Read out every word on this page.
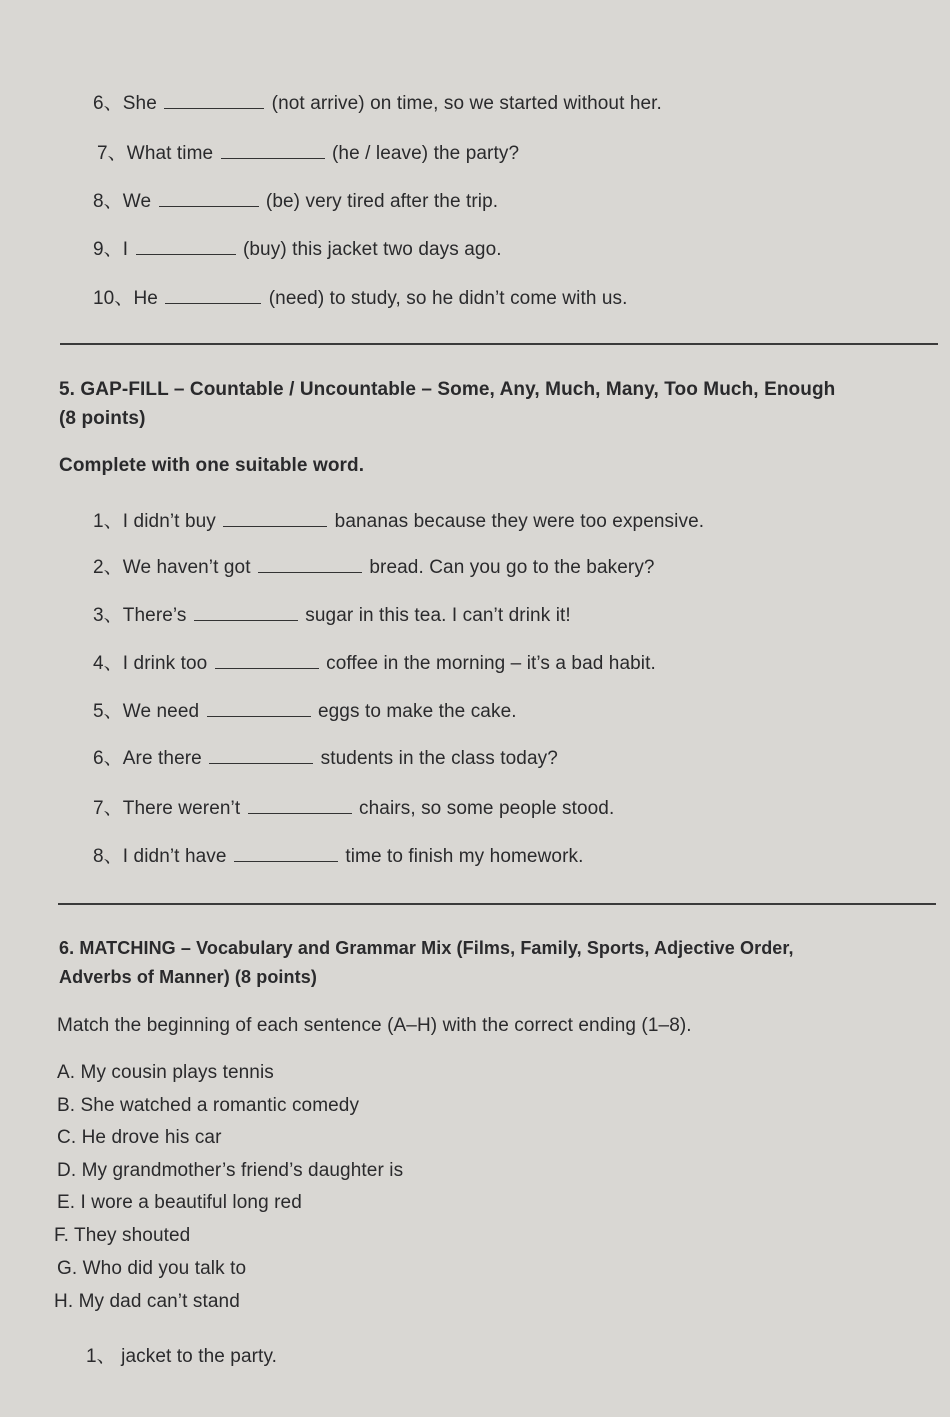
6、She	(not arrive) on time, so we started without her.
7、What time	(he / leave) the party?
8、We	(be) very tired after the trip.
9、I	(buy) this jacket two days ago.
10、He	(need) to study, so he didn’t come with us.
5. GAP-FILL – Countable / Uncountable – Some, Any, Much, Many, Too Much, Enough
(8 points)
Complete with one suitable word.
1、I didn’t buy	bananas because they were too expensive.
2、We haven’t got	bread. Can you go to the bakery?
3、There’s	sugar in this tea. I can’t drink it!
4、I drink too	coffee in the morning – it’s a bad habit.
5、We need	eggs to make the cake.
6、Are there	students in the class today?
7、There weren’t	chairs, so some people stood.
8、I didn’t have	time to finish my homework.
6. MATCHING – Vocabulary and Grammar Mix (Films, Family, Sports, Adjective Order,
Adverbs of Manner) (8 points)
Match the beginning of each sentence (A–H) with the correct ending (1–8).
A. My cousin plays tennis
B. She watched a romantic comedy
C. He drove his car
D. My grandmother’s friend’s daughter is
E. I wore a beautiful long red
F. They shouted
G. Who did you talk to
H. My dad can’t stand
1、 jacket to the party.
